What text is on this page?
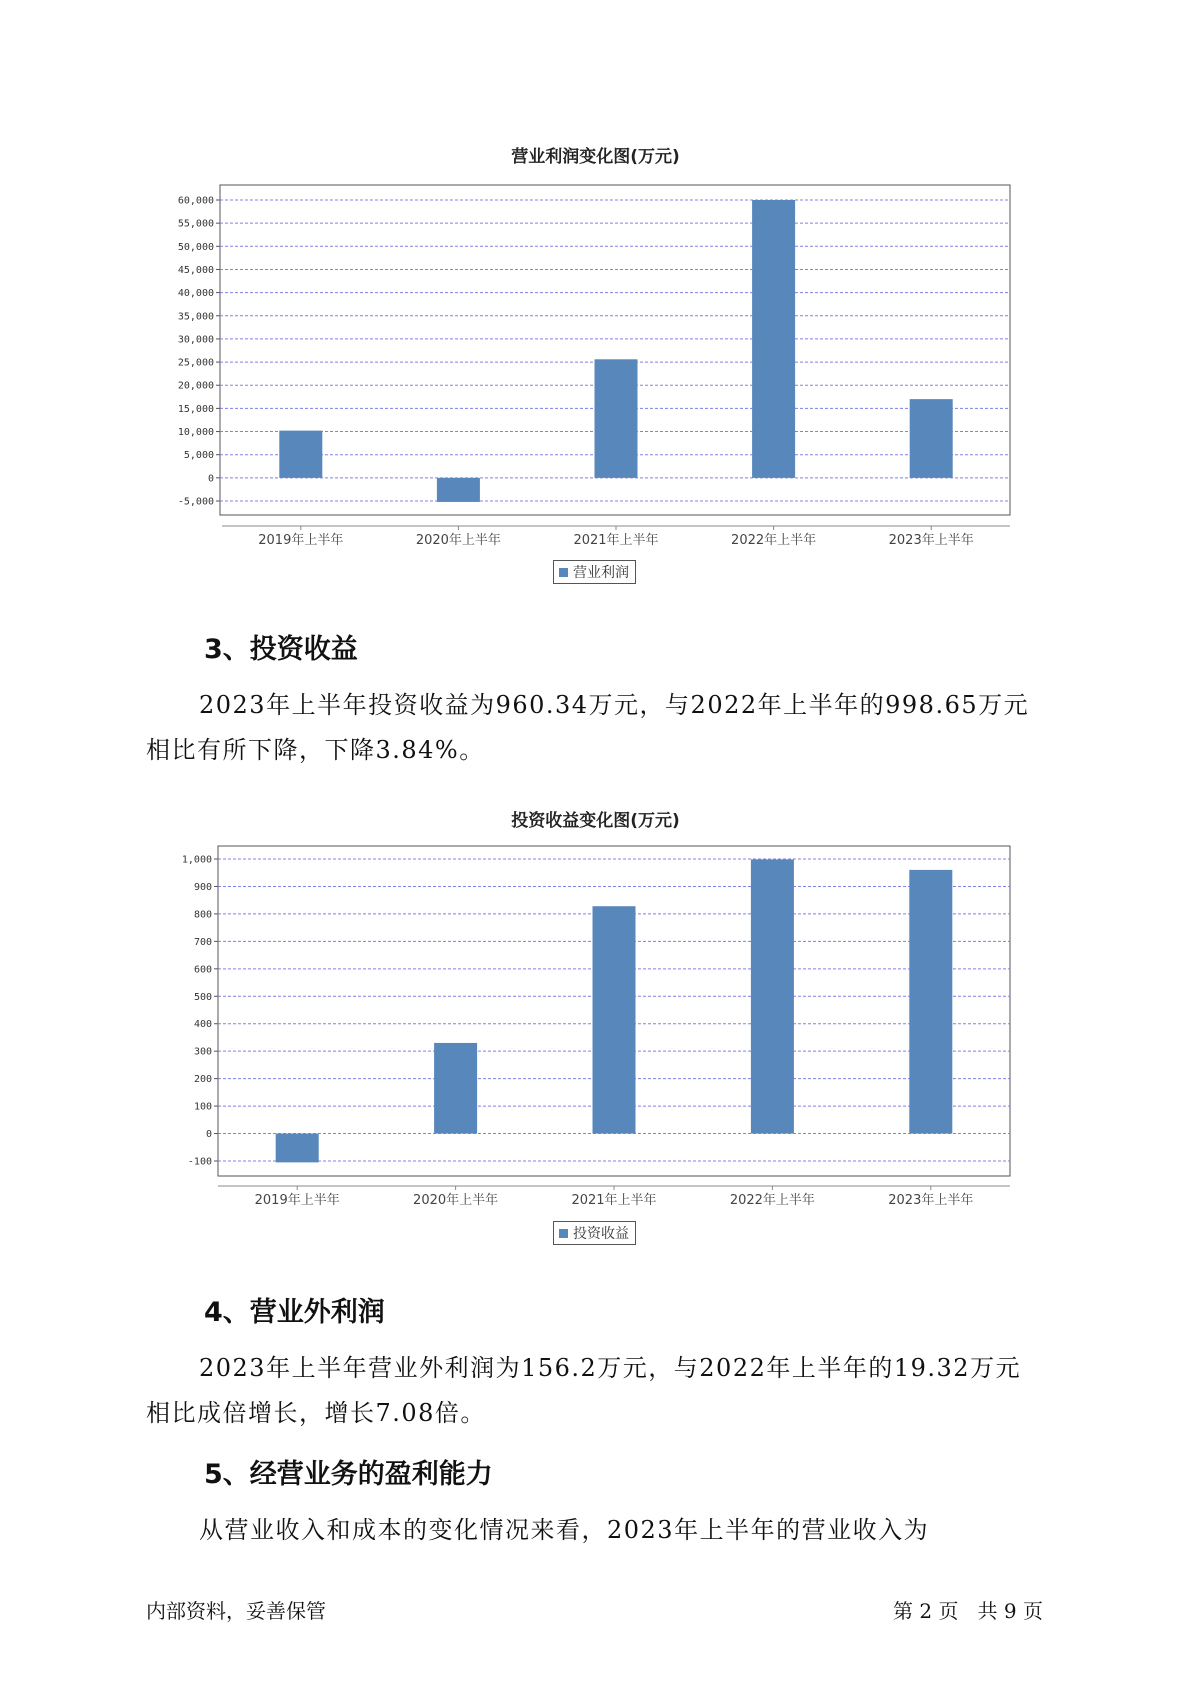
营业利润变化图(万元)
60,000
55,000
50,000
45,000
40,000
35,000
30,000
25,000
20,000
15,000
10,000
5,000
0
-5,000
2019年上半年	2020年上半年	2021年上半年	2022年上半年	2023年上半年
营业利润
3、投资收益

2023年上半年投资收益为960.34万元，与2022年上半年的998.65万元
相比有所下降，下降3.84%。

投资收益变化图(万元)
1,000
900
800
700
600
500
400
300
200
100
0
-100
2019年上半年	2020年上半年	2021年上半年	2022年上半年	2023年上半年
投资收益
4、营业外利润

2023年上半年营业外利润为156.2万元，与2022年上半年的19.32万元
相比成倍增长，增长7.08倍。

5、经营业务的盈利能力

从营业收入和成本的变化情况来看，2023年上半年的营业收入为

内部资料，妥善保管	第 2 页   共 9 页
